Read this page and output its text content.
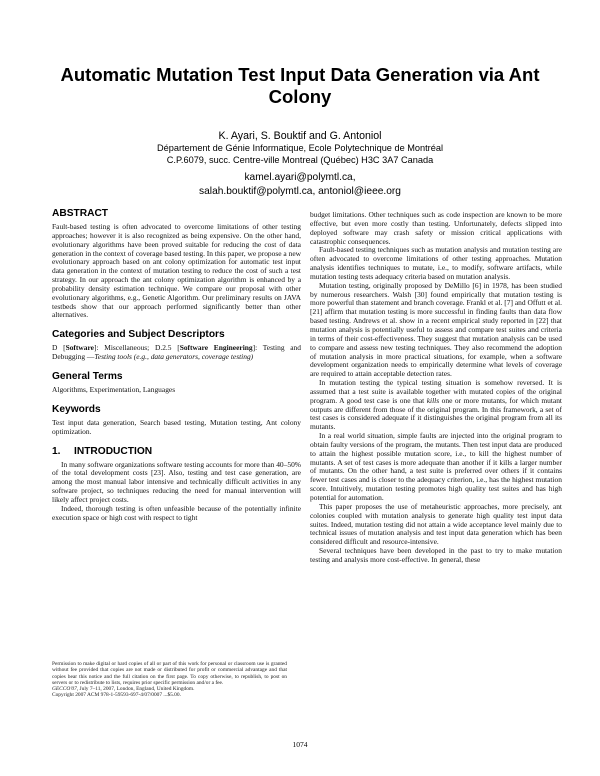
Automatic Mutation Test Input Data Generation via Ant Colony
K. Ayari, S. Bouktif and G. Antoniol
Département de Génie Informatique, Ecole Polytechnique de Montréal
C.P.6079, succ. Centre-ville Montreal (Québec) H3C 3A7 Canada
kamel.ayari@polymtl.ca,
salah.bouktif@polymtl.ca, antoniol@ieee.org
ABSTRACT

Fault-based testing is often advocated to overcome limitations of other testing approaches; however it is also recognized as being expensive. On the other hand, evolutionary algorithms have been proved suitable for reducing the cost of data generation in the context of coverage based testing. In this paper, we propose a new evolutionary approach based on ant colony optimization for automatic test input data generation in the context of mutation testing to reduce the cost of such a test strategy. In our approach the ant colony optimization algorithm is enhanced by a probability density estimation technique. We compare our proposal with other evolutionary algorithms, e.g., Genetic Algorithm. Our preliminary results on JAVA testbeds show that our approach performed significantly better than other alternatives.

Categories and Subject Descriptors

D [Software]: Miscellaneous; D.2.5 [Software Engineering]: Testing and Debugging —Testing tools (e.g., data generators, coverage testing)

General Terms

Algorithms, Experimentation, Languages

Keywords

Test input data generation, Search based testing, Mutation testing, Ant colony optimization.

1. INTRODUCTION

In many software organizations software testing accounts for more than 40–50% of the total development costs [23]. Also, testing and test case generation, are among the most manual labor intensive and technically difficult activities in any software project, so techniques reducing the need for manual intervention will likely affect project costs.

Indeed, thorough testing is often unfeasible because of the potentially infinite execution space or high cost with respect to tight

Permission to make digital or hard copies of all or part of this work for personal or classroom use is granted without fee provided that copies are not made or distributed for profit or commercial advantage and that copies bear this notice and the full citation on the first page. To copy otherwise, to republish, to post on servers or to redistribute to lists, requires prior specific permission and/or a fee.

GECCO'07, July 7–11, 2007, London, England, United Kingdom.

Copyright 2007 ACM 978-1-59593-697-4/07/0007 ...$5.00.

budget limitations. Other techniques such as code inspection are known to be more effective, but even more costly than testing. Unfortunately, defects slipped into deployed software may crash safety or mission critical applications with catastrophic consequences.

Fault-based testing techniques such as mutation analysis and mutation testing are often advocated to overcome limitations of other testing approaches. Mutation analysis identifies techniques to mutate, i.e., to modify, software artifacts, while mutation testing tests adequacy criteria based on mutation analysis.

Mutation testing, originally proposed by DeMillo [6] in 1978, has been studied by numerous researchers. Walsh [30] found empirically that mutation testing is more powerful than statement and branch coverage. Frankl et al. [7] and Offutt et al. [21] affirm that mutation testing is more successful in finding faults than data flow based testing. Andrews et al. show in a recent empirical study reported in [22] that mutation analysis is potentially useful to assess and compare test suites and criteria in terms of their cost-effectiveness. They suggest that mutation analysis can be used to compare and assess new testing techniques. They also recommend the adoption of mutation analysis in more practical situations, for example, when a software development organization needs to empirically determine what levels of coverage are required to attain acceptable detection rates.

In mutation testing the typical testing situation is somehow reversed. It is assumed that a test suite is available together with mutated copies of the original program. A good test case is one that kills one or more mutants, for which mutant outputs are different from those of the original program. In this framework, a set of test cases is considered adequate if it distinguishes the original program from all its mutants.

In a real world situation, simple faults are injected into the original program to obtain faulty versions of the program, the mutants. Then test input data are produced to attain the highest possible mutation score, i.e., to kill the highest number of mutants. A set of test cases is more adequate than another if it kills a larger number of mutants. On the other hand, a test suite is preferred over others if it contains fewer test cases and is closer to the adequacy criterion, i.e., has the highest mutation score. Intuitively, mutation testing promotes high quality test suites and has high potential for automation.

This paper proposes the use of metaheuristic approaches, more precisely, ant colonies coupled with mutation analysis to generate high quality test input data suites. Indeed, mutation testing did not attain a wide acceptance level mainly due to technical issues of mutation analysis and test input data generation which has been considered difficult and resource-intensive.

Several techniques have been developed in the past to try to make mutation testing and analysis more cost-effective. In general, these

1074
